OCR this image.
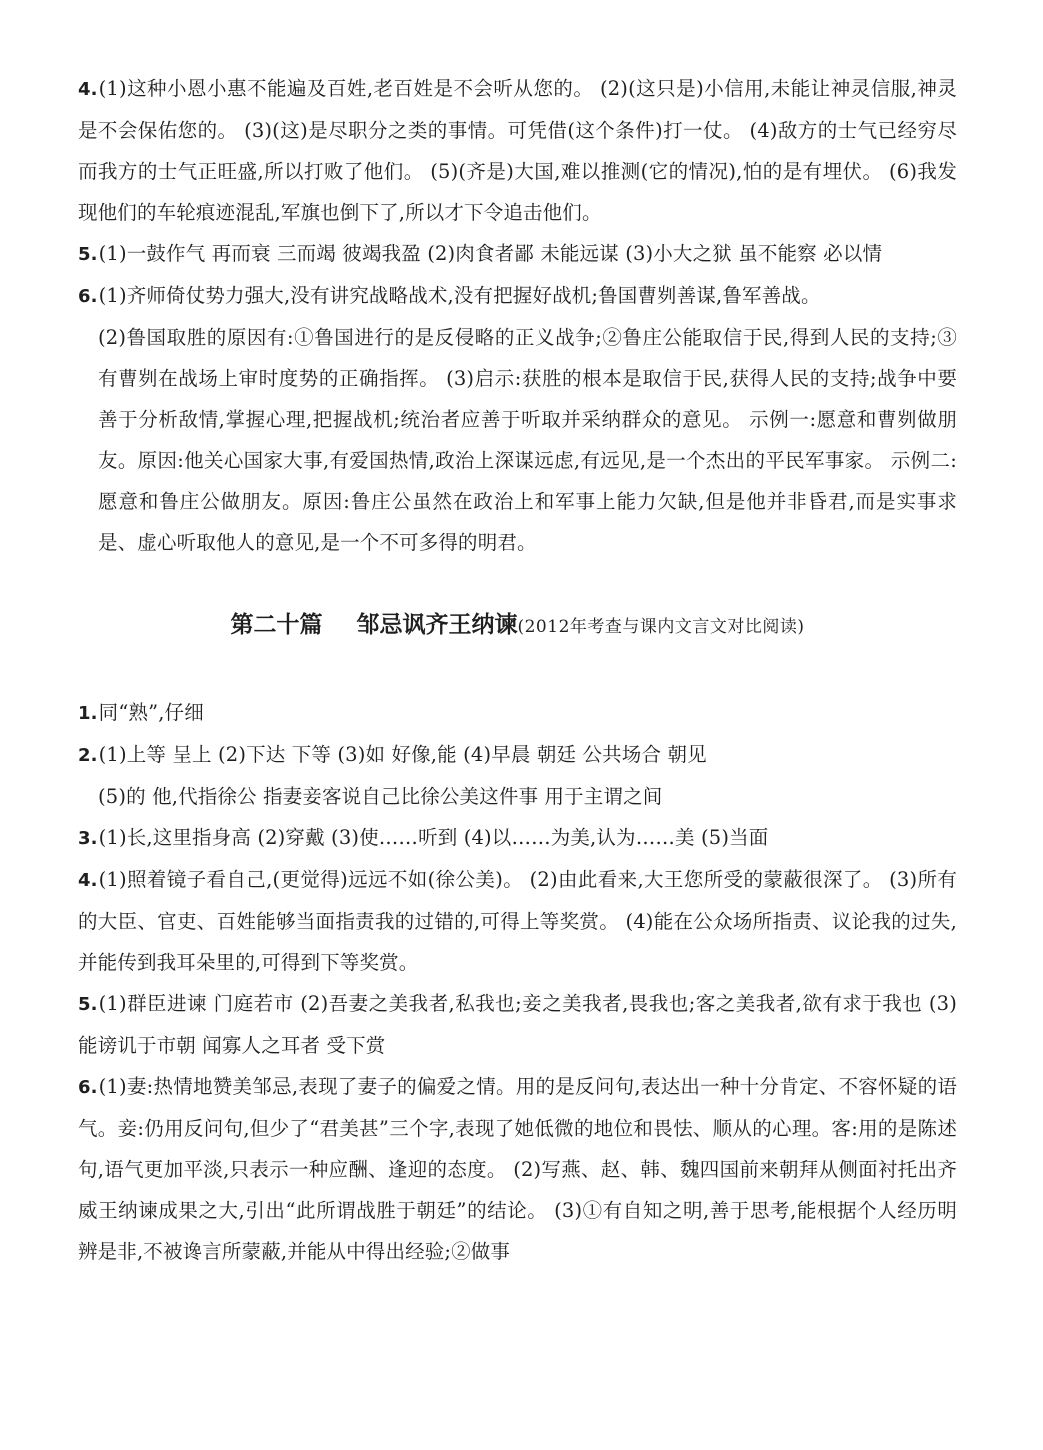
4.(1)这种小恩小惠不能遍及百姓,老百姓是不会听从您的。 (2)(这只是)小信用,未能让神灵信服,神灵是不会保佑您的。 (3)(这)是尽职分之类的事情。可凭借(这个条件)打一仗。 (4)敌方的士气已经穷尽而我方的士气正旺盛,所以打败了他们。 (5)(齐是)大国,难以推测(它的情况),怕的是有埋伏。 (6)我发现他们的车轮痕迹混乱,军旗也倒下了,所以才下令追击他们。

5.(1)一鼓作气 再而衰 三而竭 彼竭我盈 (2)肉食者鄙 未能远谋 (3)小大之狱 虽不能察 必以情

6.(1)齐师倚仗势力强大,没有讲究战略战术,没有把握好战机;鲁国曹刿善谋,鲁军善战。

(2)鲁国取胜的原因有:①鲁国进行的是反侵略的正义战争;②鲁庄公能取信于民,得到人民的支持;③有曹刿在战场上审时度势的正确指挥。 (3)启示:获胜的根本是取信于民,获得人民的支持;战争中要善于分析敌情,掌握心理,把握战机;统治者应善于听取并采纳群众的意见。 示例一:愿意和曹刿做朋友。原因:他关心国家大事,有爱国热情,政治上深谋远虑,有远见,是一个杰出的平民军事家。 示例二:愿意和鲁庄公做朋友。原因:鲁庄公虽然在政治上和军事上能力欠缺,但是他并非昏君,而是实事求是、虚心听取他人的意见,是一个不可多得的明君。

第二十篇 邹忌讽齐王纳谏(2012年考查与课内文言文对比阅读)

1.同“熟”,仔细

2.(1)上等 呈上 (2)下达 下等 (3)如 好像,能 (4)早晨 朝廷 公共场合 朝见

(5)的 他,代指徐公 指妻妾客说自己比徐公美这件事 用于主谓之间

3.(1)长,这里指身高 (2)穿戴 (3)使……听到 (4)以……为美,认为……美 (5)当面

4.(1)照着镜子看自己,(更觉得)远远不如(徐公美)。 (2)由此看来,大王您所受的蒙蔽很深了。 (3)所有的大臣、官吏、百姓能够当面指责我的过错的,可得上等奖赏。 (4)能在公众场所指责、议论我的过失,并能传到我耳朵里的,可得到下等奖赏。

5.(1)群臣进谏 门庭若市 (2)吾妻之美我者,私我也;妾之美我者,畏我也;客之美我者,欲有求于我也 (3)能谤讥于市朝 闻寡人之耳者 受下赏

6.(1)妻:热情地赞美邹忌,表现了妻子的偏爱之情。用的是反问句,表达出一种十分肯定、不容怀疑的语气。妾:仍用反问句,但少了“君美甚”三个字,表现了她低微的地位和畏怯、顺从的心理。客:用的是陈述句,语气更加平淡,只表示一种应酬、逢迎的态度。 (2)写燕、赵、韩、魏四国前来朝拜从侧面衬托出齐威王纳谏成果之大,引出“此所谓战胜于朝廷”的结论。 (3)①有自知之明,善于思考,能根据个人经历明辨是非,不被谗言所蒙蔽,并能从中得出经验;②做事
